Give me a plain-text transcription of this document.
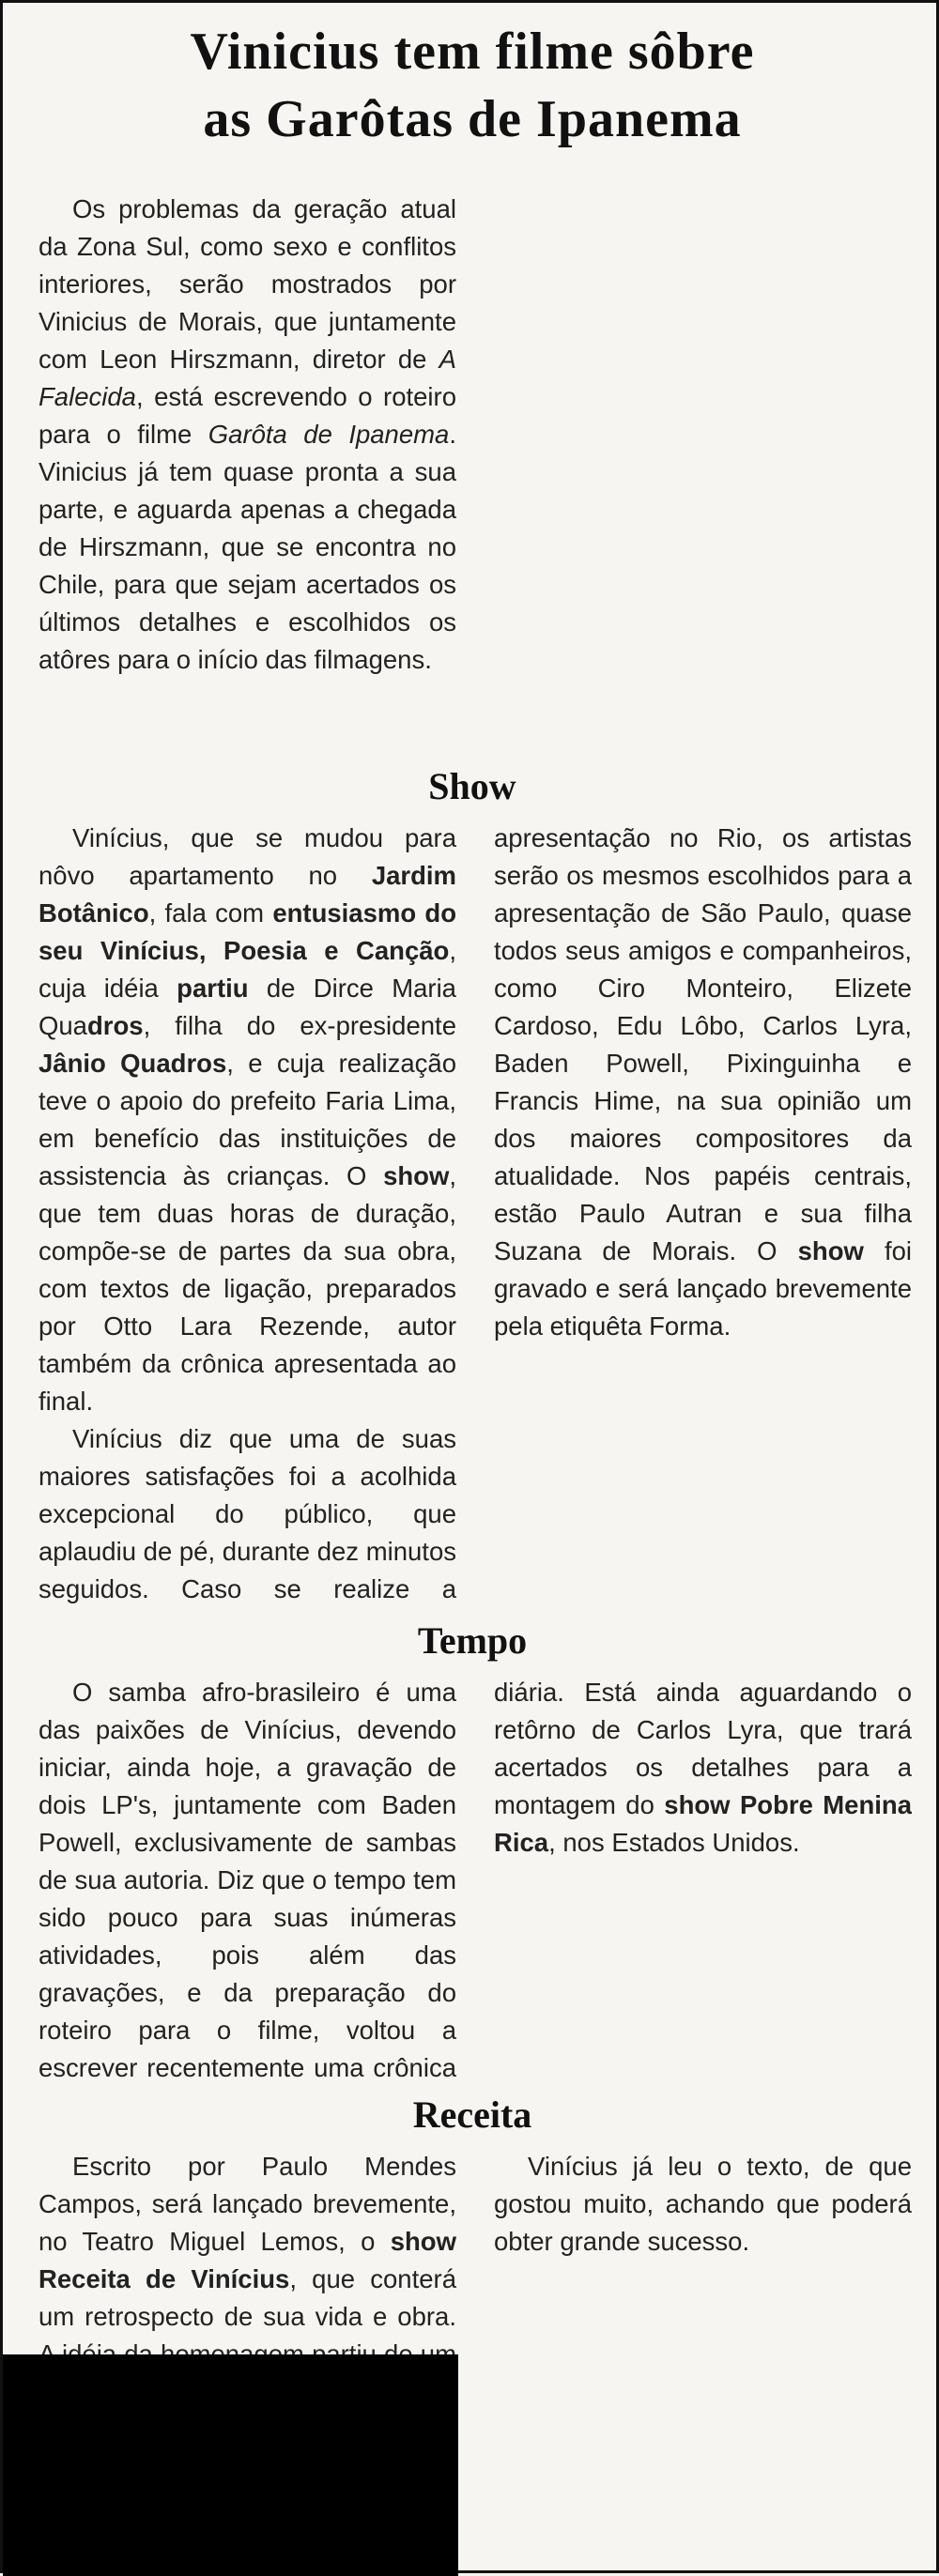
Vinicius tem filme sôbre
as Garôtas de Ipanema

Os problemas da geração atual da Zona Sul, como sexo e conflitos interiores, serão mostrados por Vinicius de Morais, que juntamente com Leon Hirszmann, diretor de A Falecida, está escrevendo o roteiro para o filme Garôta de Ipanema. Vinicius já tem quase pronta a sua parte, e aguarda apenas a chegada de Hirszmann, que se encontra no Chile, para que sejam acertados os últimos detalhes e escolhidos os atôres para o início das filmagens.

Show

Vinícius, que se mudou para nôvo apartamento no Jardim Botânico, fala com entusiasmo do seu Vinícius, Poesia e Canção, cuja idéia partiu de Dirce Maria Quadros, filha do ex-presidente Jânio Quadros, e cuja realização teve o apoio do prefeito Faria Lima, em benefício das instituições de assistencia às crianças. O show, que tem duas horas de duração, compõe-se de partes da sua obra, com textos de ligação, preparados por Otto Lara Rezende, autor também da crônica apresentada ao final.

Vinícius diz que uma de suas maiores satisfações foi a acolhida excepcional do público, que aplaudiu de pé, durante dez minutos seguidos. Caso se realize a apresentação no Rio, os artistas serão os mesmos escolhidos para a apresentação de São Paulo, quase todos seus amigos e companheiros, como Ciro Monteiro, Elizete Cardoso, Edu Lôbo, Carlos Lyra, Baden Powell, Pixinguinha e Francis Hime, na sua opinião um dos maiores compositores da atualidade. Nos papéis centrais, estão Paulo Autran e sua filha Suzana de Morais. O show foi gravado e será lançado brevemente pela etiquêta Forma.

Tempo

O samba afro-brasileiro é uma das paixões de Vinícius, devendo iniciar, ainda hoje, a gravação de dois LP's, juntamente com Baden Powell, exclusivamente de sambas de sua autoria. Diz que o tempo tem sido pouco para suas inúmeras atividades, pois além das gravações, e da preparação do roteiro para o filme, voltou a escrever recentemente uma crônica diária. Está ainda aguardando o retôrno de Carlos Lyra, que trará acertados os detalhes para a montagem do show Pobre Menina Rica, nos Estados Unidos.

Receita

Escrito por Paulo Mendes Campos, será lançado brevemente, no Teatro Miguel Lemos, o show Receita de Vinícius, que conterá um retrospecto de sua vida e obra.

Vinícius já leu o texto, de que gostou muito, achando que poderá obter grande sucesso.
